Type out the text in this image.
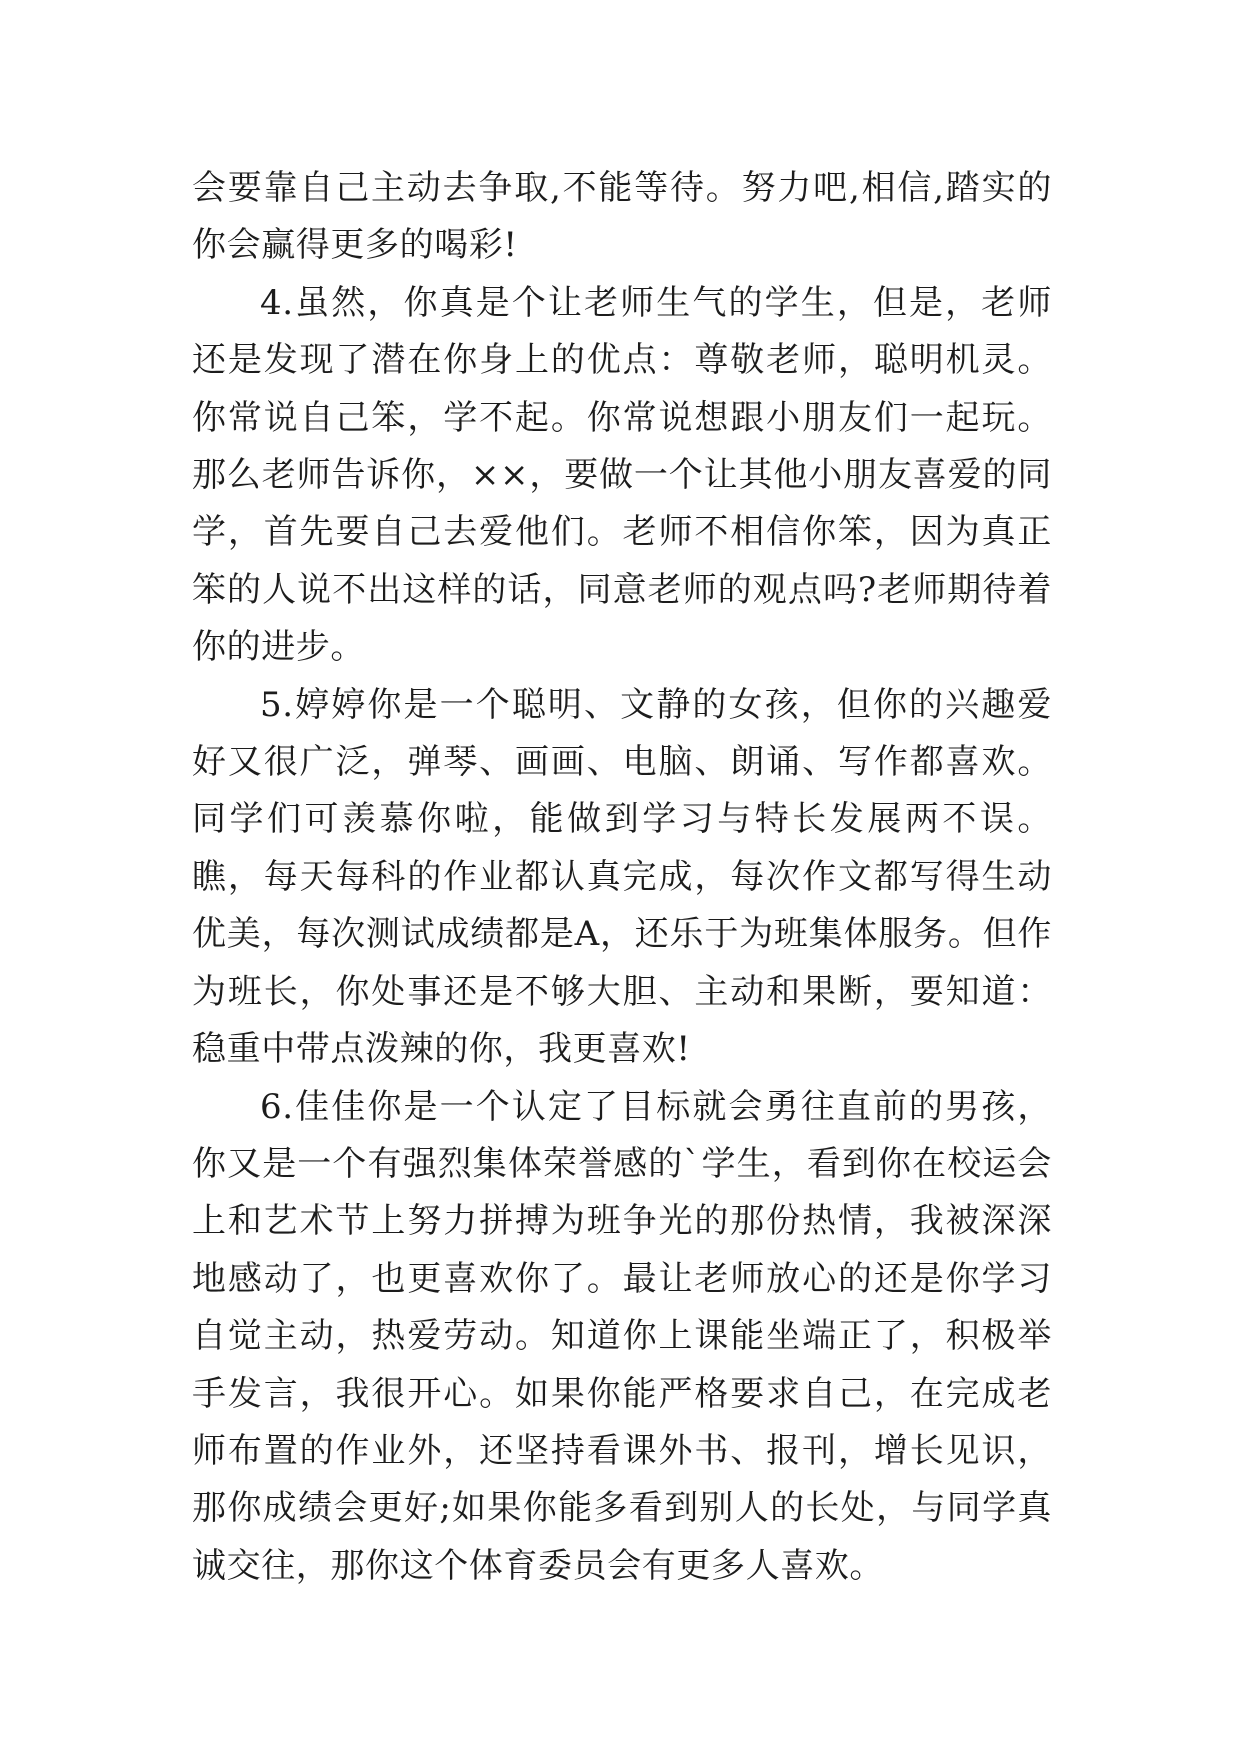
会要靠自己主动去争取,不能等待。努力吧,相信,踏实的你会赢得更多的喝彩!

4.虽然，你真是个让老师生气的学生，但是，老师还是发现了潜在你身上的优点：尊敬老师，聪明机灵。你常说自己笨，学不起。你常说想跟小朋友们一起玩。那么老师告诉你，××，要做一个让其他小朋友喜爱的同学，首先要自己去爱他们。老师不相信你笨，因为真正笨的人说不出这样的话，同意老师的观点吗?老师期待着你的进步。

5.婷婷你是一个聪明、文静的女孩，但你的兴趣爱好又很广泛，弹琴、画画、电脑、朗诵、写作都喜欢。同学们可羡慕你啦，能做到学习与特长发展两不误。瞧，每天每科的作业都认真完成，每次作文都写得生动优美，每次测试成绩都是A，还乐于为班集体服务。但作为班长，你处事还是不够大胆、主动和果断，要知道：稳重中带点泼辣的你，我更喜欢!

6.佳佳你是一个认定了目标就会勇往直前的男孩，你又是一个有强烈集体荣誉感的`学生，看到你在校运会上和艺术节上努力拼搏为班争光的那份热情，我被深深地感动了，也更喜欢你了。最让老师放心的还是你学习自觉主动，热爱劳动。知道你上课能坐端正了，积极举手发言，我很开心。如果你能严格要求自己，在完成老师布置的作业外，还坚持看课外书、报刊，增长见识，那你成绩会更好;如果你能多看到别人的长处，与同学真诚交往，那你这个体育委员会有更多人喜欢。
